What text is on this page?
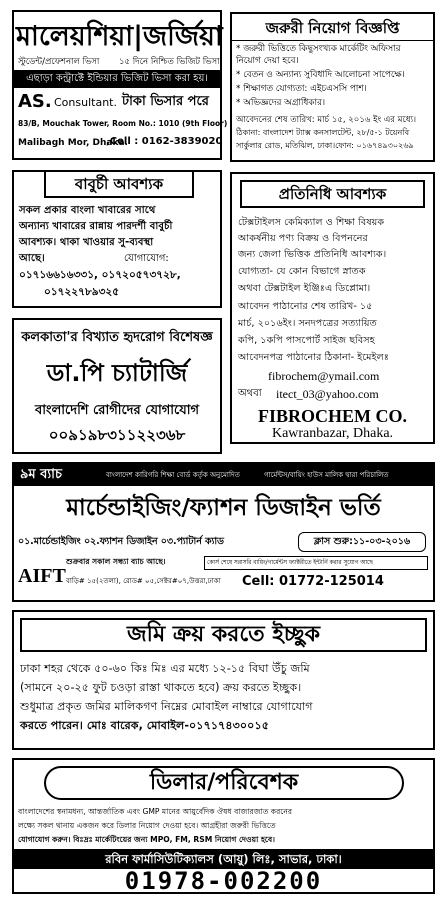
মালেয়শিয়া|জর্জিয়া
স্টুডেন্ট/প্রফেশনাল ভিসা	১৫ দিনে নিশ্চিত ভিজিট ভিসা
এছাড়া কন্ট্রাক্টে ইন্ডিয়ার ভিজিট ভিসা করা হয়।
AS. Consultant. টাকা ভিসার পরে
83/B, Mouchak Tower, Room No.: 1010 (9th Floor)
Malibagh Mor, Dhaka.
,Cell : 0162-3839020
জরুরী নিয়োগ বিজ্ঞপ্তি
* জরুরী ভিত্তিতে কিছুসংখ্যক মার্কেটিং অফিসার
নিয়োগ দেয়া হবে।
* বেতন ও অন্যান্য সুবিধাদি আলোচনা সাপেক্ষে।
* শিক্ষাগত যোগ্যতা: এইচএসসি পাশ।
* অভিজ্ঞদের অগ্রাধিকার।
আবেদনের শেষ তারিখ: মার্চ ১৫, ২০১৬ ইং এর মধ্যে।
ঠিকানা: বাংলাদেশ ট্যাক্স কনসালটেন্ট, ২৮/৫-১ টয়েনবি
সার্কুলার রোড, মতিঝিল, ঢাকা।ফোন: ০১৬৭৪৯৩০২৬৯
বাবুর্চী আবশ্যক
সকল প্রকার বাংলা খাবারের সাথে
অন্যান্য খাবারের রান্নায় পারদর্শী বাবুর্চী
আবশ্যক। থাকা খাওয়ার সু-ব্যবস্থা
আছে।	যোগাযোগ:
০১৭১৬৬১৬৩৩১, ০১৭২০৫৭৩৭২৮,
০১৭২২৭৮৯৩২৫
প্রতিনিধি আবশ্যক
টেক্সটাইলস কেমিক্যাল ও শিক্ষা বিষয়ক
আকর্ষনীয় পণ্য বিক্রয় ও বিপননের
জন্য জেলা ভিত্তিক প্রতিনিধি আবশ্যক।
যোগ্যতা- যে কোন বিভাগে স্নাতক
অথবা টেক্সটাইল ইঞ্জিঃএ ডিপ্লোমা।
আবেদন পাঠানোর শেষ তারিখ- ১৫
মার্চ, ২০১৬ইং। সনদপত্রের সত্যায়িত
কপি, ১কপি পাসপোর্ট সাইজ ছবিসহ
আবেদনপত্র পাঠানোর ঠিকানা- ইমেইলঃ
fibrochem@ymail.com
অথবা	itect_03@yahoo.com
FIBROCHEM CO.
Kawranbazar, Dhaka.
কলকাতা'র বিখ্যাত হৃদরোগ বিশেষজ্ঞ
ডা.পি চ্যাটার্জি
বাংলাদেশি রোগীদের যোগাযোগ
০০৯১৯৮৩১১২২৩৬৮
৯ম ব্যাচ	বাংলাদেশ কারিগরি শিক্ষা বোর্ড কর্তৃক অনুমোদিত	গার্মেন্টস/বায়িং হাউস মালিক দ্বারা পরিচালিত
মার্চেন্ডাইজিং/ফ্যাশন ডিজাইন ভর্তি
০১.মার্চেন্ডাইজিং ০২.ফ্যাশন ডিজাইন ০৩.প্যাটার্ন ক্যাড	ক্লাস শুরু:১১-০৩-২০১৬
AIFT
শুক্রবার সকাল সন্ধ্যা ব্যাচ আছে।	কোর্স শেষে সরাসরি বায়িং/গার্মেন্টস ফ্যাক্টরীতে ইন্টার্নি করার সুযোগ আছে
বাড়ি# ১৫(২তলা), রোড# ০৫,সেক্টর#০৭,উত্তরা,ঢাকা	Cell: 01772-125014
জমি ক্রয় করতে ইচ্ছুক
ঢাকা শহর থেকে ৫০-৬০ কিঃ মিঃ এর মধ্যে ১২-১৫ বিঘা উঁচু জমি
(সামনে ২০-২৫ ফুট চওড়া রাস্তা থাকতে হবে) ক্রয় করতে ইচ্ছুক।
শুধুমাত্র প্রকৃত জমির মালিকগণ নিম্নের মোবাইল নাম্বারে যোগাযোগ
করতে পারেন। মোঃ বারেক, মোবাইল-০১৭১৭৪৩০০১৫
ডিলার/পরিবেশক
বাংলাদেশের স্বনামধন্য, আন্তর্জাতিক এবং GMP মানের আয়ুর্বেদিক ঔষধ বাজারজাত করনের
লক্ষ্যে সকল থানায় একজন করে ডিলার নিয়োগ দেওয়া হবে। আগ্রহীরা জরুরী ভিত্তিতে
যোগাযোগ করুন। বিঃদ্রঃ মার্কেটিংয়ের জন্য MPO, FM, RSM নিয়োগ দেওয়া হবে।
রবিন ফার্মাসিউটিক্যালস (আয়ু) লিঃ, সাভার, ঢাকা।
01978-002200
